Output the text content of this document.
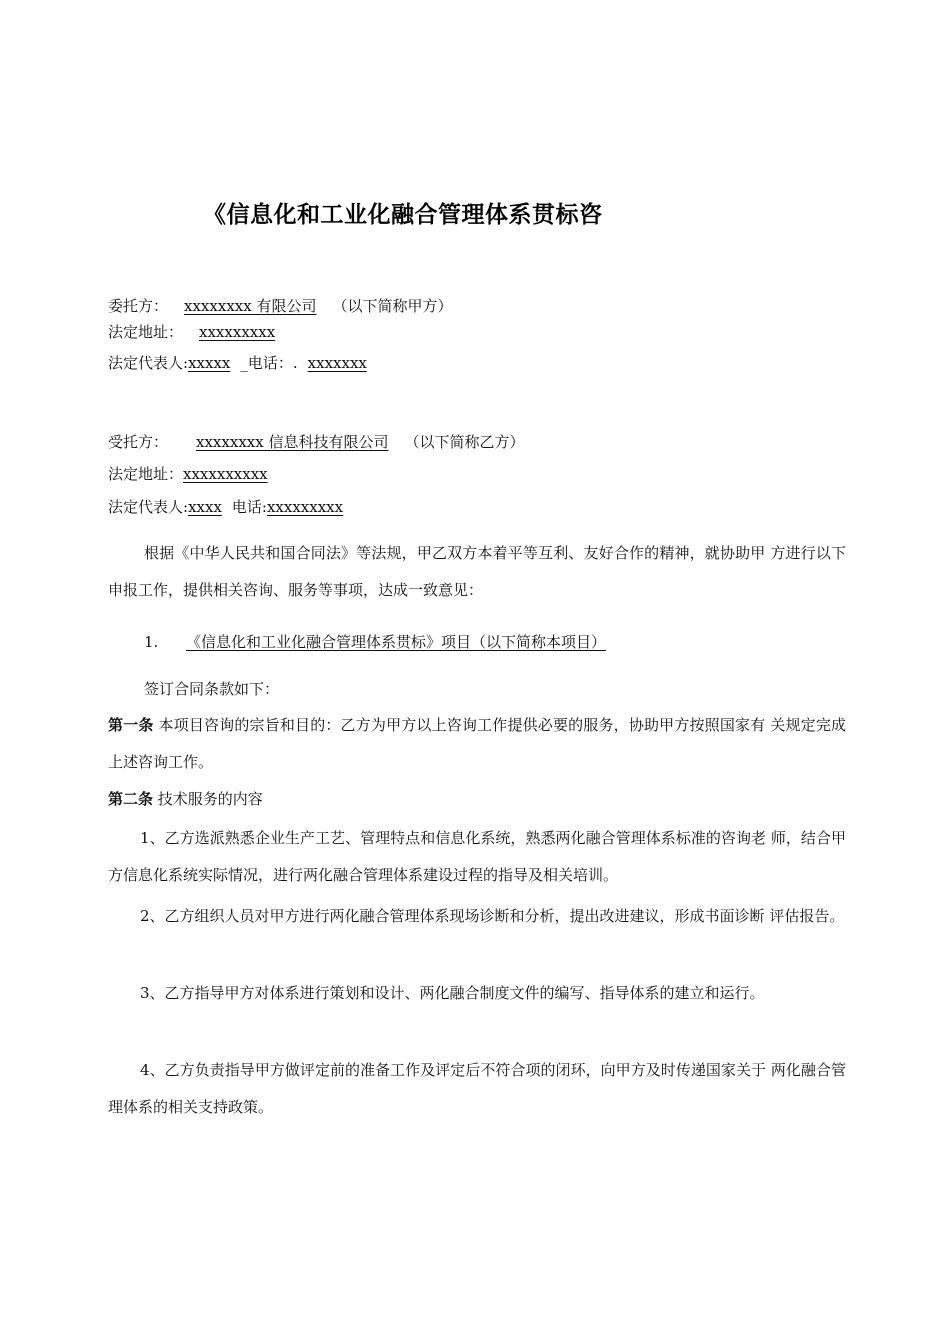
《信息化和工业化融合管理体系贯标咨
委托方： xxxxxxxx 有限公司 （以下简称甲方）
法定地址： xxxxxxxxx
法定代表人:xxxxx _电话：. xxxxxxx
受托方： xxxxxxxx 信息科技有限公司 （以下简称乙方）
法定地址：xxxxxxxxxx
法定代表人:xxxx 电话:xxxxxxxxx
根据《中华人民共和国合同法》等法规，甲乙双方本着平等互利、友好合作的精神，就协助甲 方进行以下申报工作，提供相关咨询、服务等事项，达成一致意见：
1. 《信息化和工业化融合管理体系贯标》项目（以下简称本项目）
签订合同条款如下：
第一条 本项目咨询的宗旨和目的：乙方为甲方以上咨询工作提供必要的服务，协助甲方按照国家有 关规定完成上述咨询工作。
第二条 技术服务的内容
1、乙方选派熟悉企业生产工艺、管理特点和信息化系统，熟悉两化融合管理体系标准的咨询老 师，结合甲方信息化系统实际情况，进行两化融合管理体系建设过程的指导及相关培训。
2、乙方组织人员对甲方进行两化融合管理体系现场诊断和分析，提出改进建议，形成书面诊断 评估报告。
3、乙方指导甲方对体系进行策划和设计、两化融合制度文件的编写、指导体系的建立和运行。
4、乙方负责指导甲方做评定前的准备工作及评定后不符合项的闭环，向甲方及时传递国家关于 两化融合管理体系的相关支持政策。
